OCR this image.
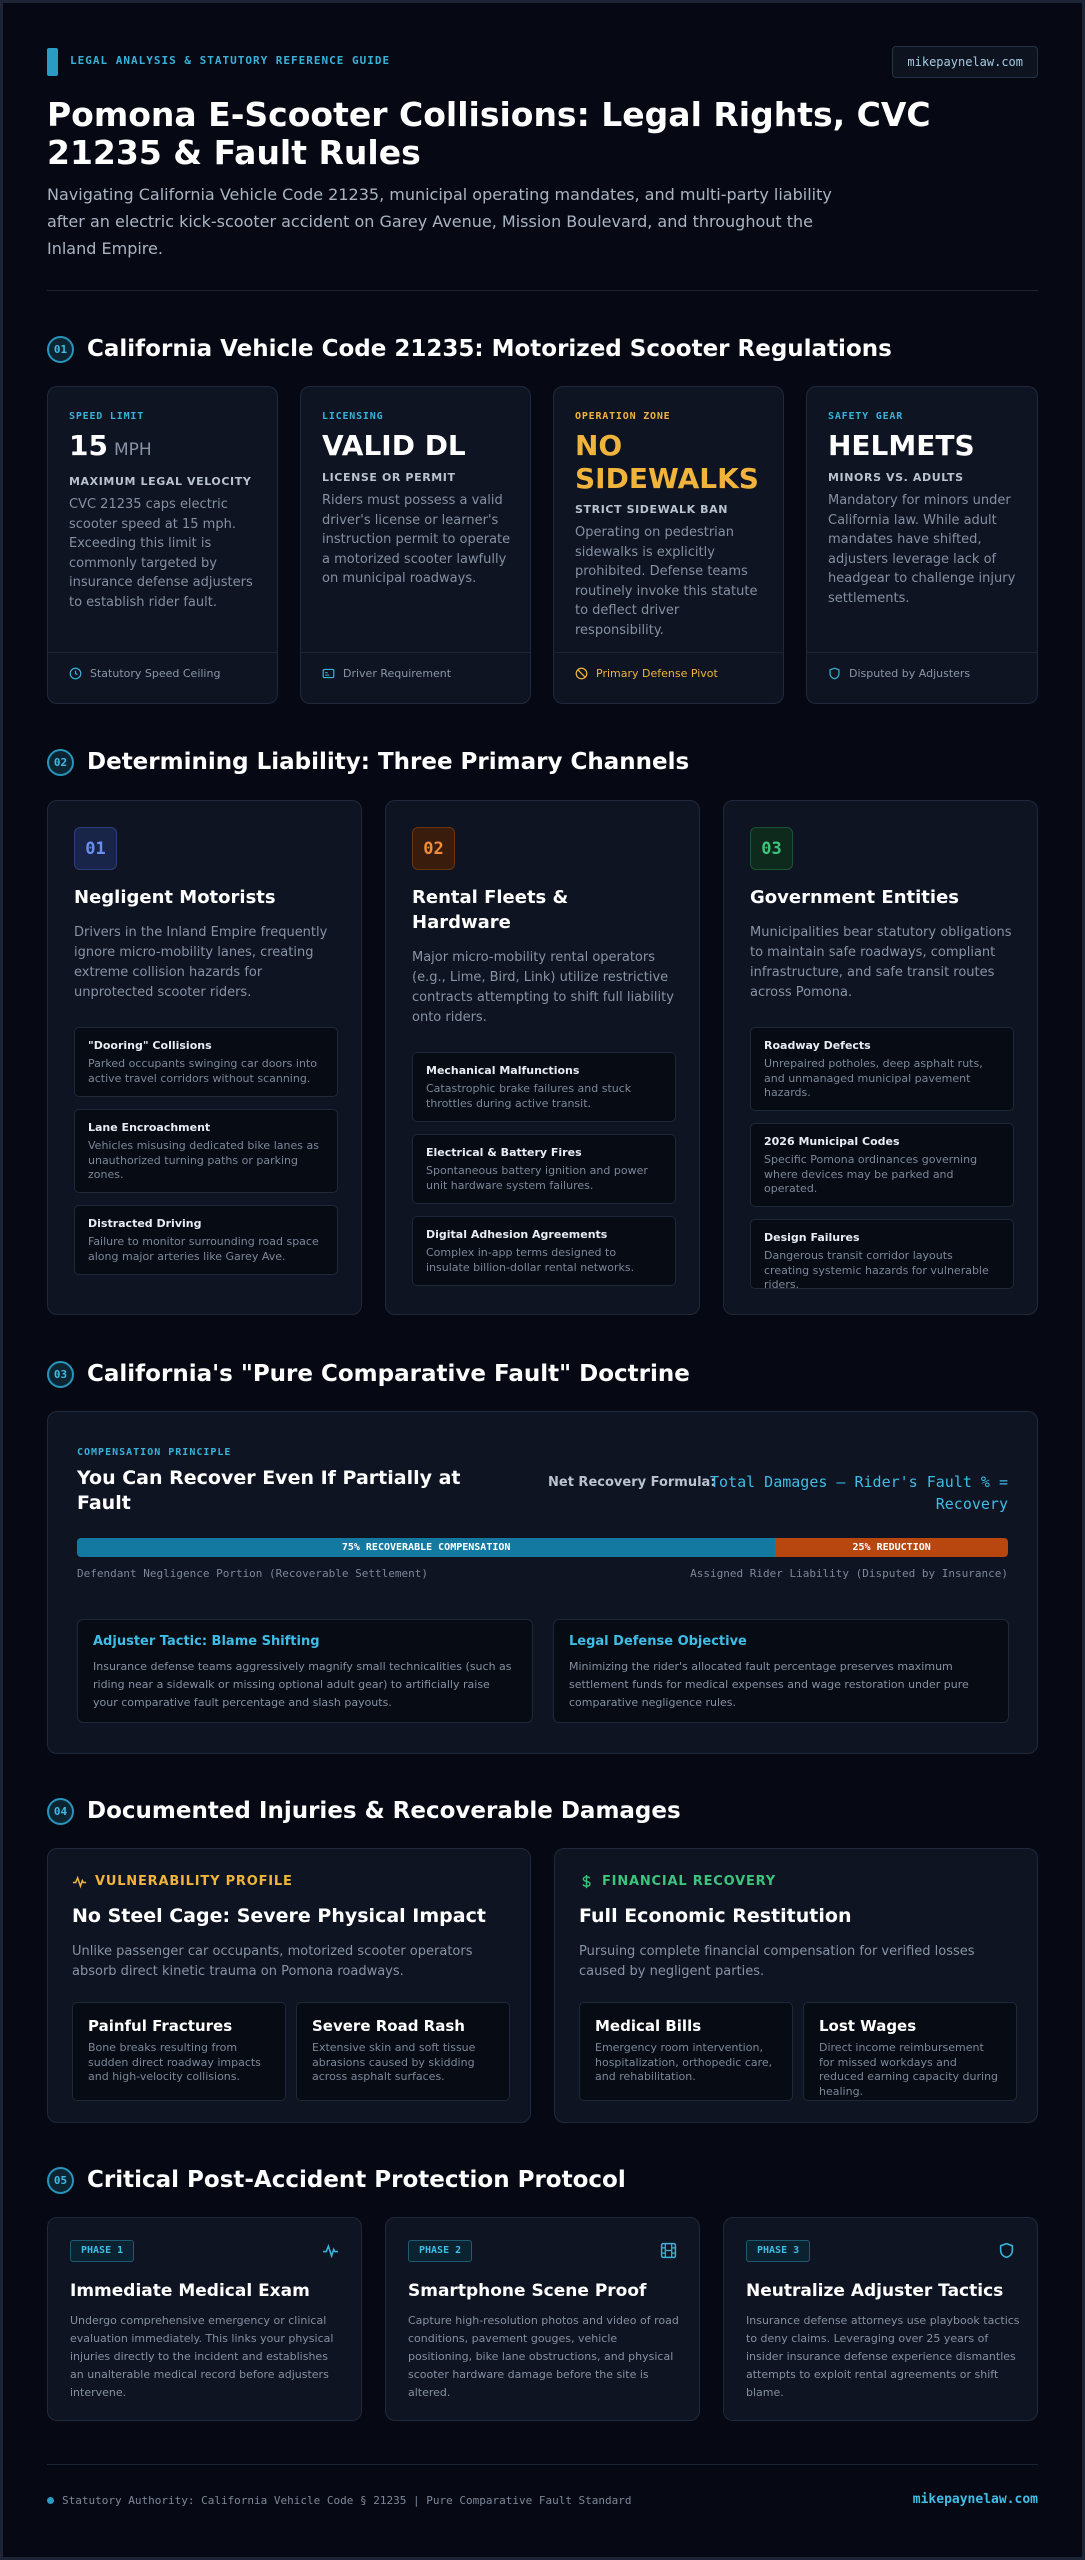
LEGAL ANALYSIS & STATUTORY REFERENCE GUIDE	mikepaynelaw.com
Pomona E-Scooter Collisions: Legal Rights, CVC 21235 & Fault Rules

Navigating California Vehicle Code 21235, municipal operating mandates, and multi-party liability after an electric kick-scooter accident on Garey Avenue, Mission Boulevard, and throughout the Inland Empire.

01 California Vehicle Code 21235: Motorized Scooter Regulations
SPEED LIMIT
15 MPH
MAXIMUM LEGAL VELOCITY
CVC 21235 caps electric scooter speed at 15 mph. Exceeding this limit is commonly targeted by insurance defense adjusters to establish rider fault.
Statutory Speed Ceiling
LICENSING
VALID DL
LICENSE OR PERMIT
Riders must possess a valid driver's license or learner's instruction permit to operate a motorized scooter lawfully on municipal roadways.
Driver Requirement
OPERATION ZONE
NO SIDEWALKS
STRICT SIDEWALK BAN
Operating on pedestrian sidewalks is explicitly prohibited. Defense teams routinely invoke this statute to deflect driver responsibility.
Primary Defense Pivot
SAFETY GEAR
HELMETS
MINORS VS. ADULTS
Mandatory for minors under California law. While adult mandates have shifted, adjusters leverage lack of headgear to challenge injury settlements.
Disputed by Adjusters
02 Determining Liability: Three Primary Channels
01
Negligent Motorists
Drivers in the Inland Empire frequently ignore micro-mobility lanes, creating extreme collision hazards for unprotected scooter riders.
"Dooring" Collisions
Parked occupants swinging car doors into active travel corridors without scanning.
Lane Encroachment
Vehicles misusing dedicated bike lanes as unauthorized turning paths or parking zones.
Distracted Driving
Failure to monitor surrounding road space along major arteries like Garey Ave.
02
Rental Fleets & Hardware
Major micro-mobility rental operators (e.g., Lime, Bird, Link) utilize restrictive contracts attempting to shift full liability onto riders.
Mechanical Malfunctions
Catastrophic brake failures and stuck throttles during active transit.
Electrical & Battery Fires
Spontaneous battery ignition and power unit hardware system failures.
Digital Adhesion Agreements
Complex in-app terms designed to insulate billion-dollar rental networks.
03
Government Entities
Municipalities bear statutory obligations to maintain safe roadways, compliant infrastructure, and safe transit routes across Pomona.
Roadway Defects
Unrepaired potholes, deep asphalt ruts, and unmanaged municipal pavement hazards.
2026 Municipal Codes
Specific Pomona ordinances governing where devices may be parked and operated.
Design Failures
Dangerous transit corridor layouts creating systemic hazards for vulnerable riders.
03 California's "Pure Comparative Fault" Doctrine
COMPENSATION PRINCIPLE
You Can Recover Even If Partially at Fault
Net Recovery Formula:
Total Damages – Rider's Fault % = Recovery
75% RECOVERABLE COMPENSATION	25% REDUCTION
Defendant Negligence Portion (Recoverable Settlement)	Assigned Rider Liability (Disputed by Insurance)
Adjuster Tactic: Blame Shifting
Insurance defense teams aggressively magnify small technicalities (such as riding near a sidewalk or missing optional adult gear) to artificially raise your comparative fault percentage and slash payouts.
Legal Defense Objective
Minimizing the rider's allocated fault percentage preserves maximum settlement funds for medical expenses and wage restoration under pure comparative negligence rules.
04 Documented Injuries & Recoverable Damages
VULNERABILITY PROFILE
No Steel Cage: Severe Physical Impact
Unlike passenger car occupants, motorized scooter operators absorb direct kinetic trauma on Pomona roadways.
Painful Fractures
Bone breaks resulting from sudden direct roadway impacts and high-velocity collisions.
Severe Road Rash
Extensive skin and soft tissue abrasions caused by skidding across asphalt surfaces.
FINANCIAL RECOVERY
Full Economic Restitution
Pursuing complete financial compensation for verified losses caused by negligent parties.
Medical Bills
Emergency room intervention, hospitalization, orthopedic care, and rehabilitation.
Lost Wages
Direct income reimbursement for missed workdays and reduced earning capacity during healing.
05 Critical Post-Accident Protection Protocol
PHASE 1
Immediate Medical Exam
Undergo comprehensive emergency or clinical evaluation immediately. This links your physical injuries directly to the incident and establishes an unalterable medical record before adjusters intervene.
PHASE 2
Smartphone Scene Proof
Capture high-resolution photos and video of road conditions, pavement gouges, vehicle positioning, bike lane obstructions, and physical scooter hardware damage before the site is altered.
PHASE 3
Neutralize Adjuster Tactics
Insurance defense attorneys use playbook tactics to deny claims. Leveraging over 25 years of insider insurance defense experience dismantles attempts to exploit rental agreements or shift blame.
Statutory Authority: California Vehicle Code § 21235 | Pure Comparative Fault Standard	mikepaynelaw.com
